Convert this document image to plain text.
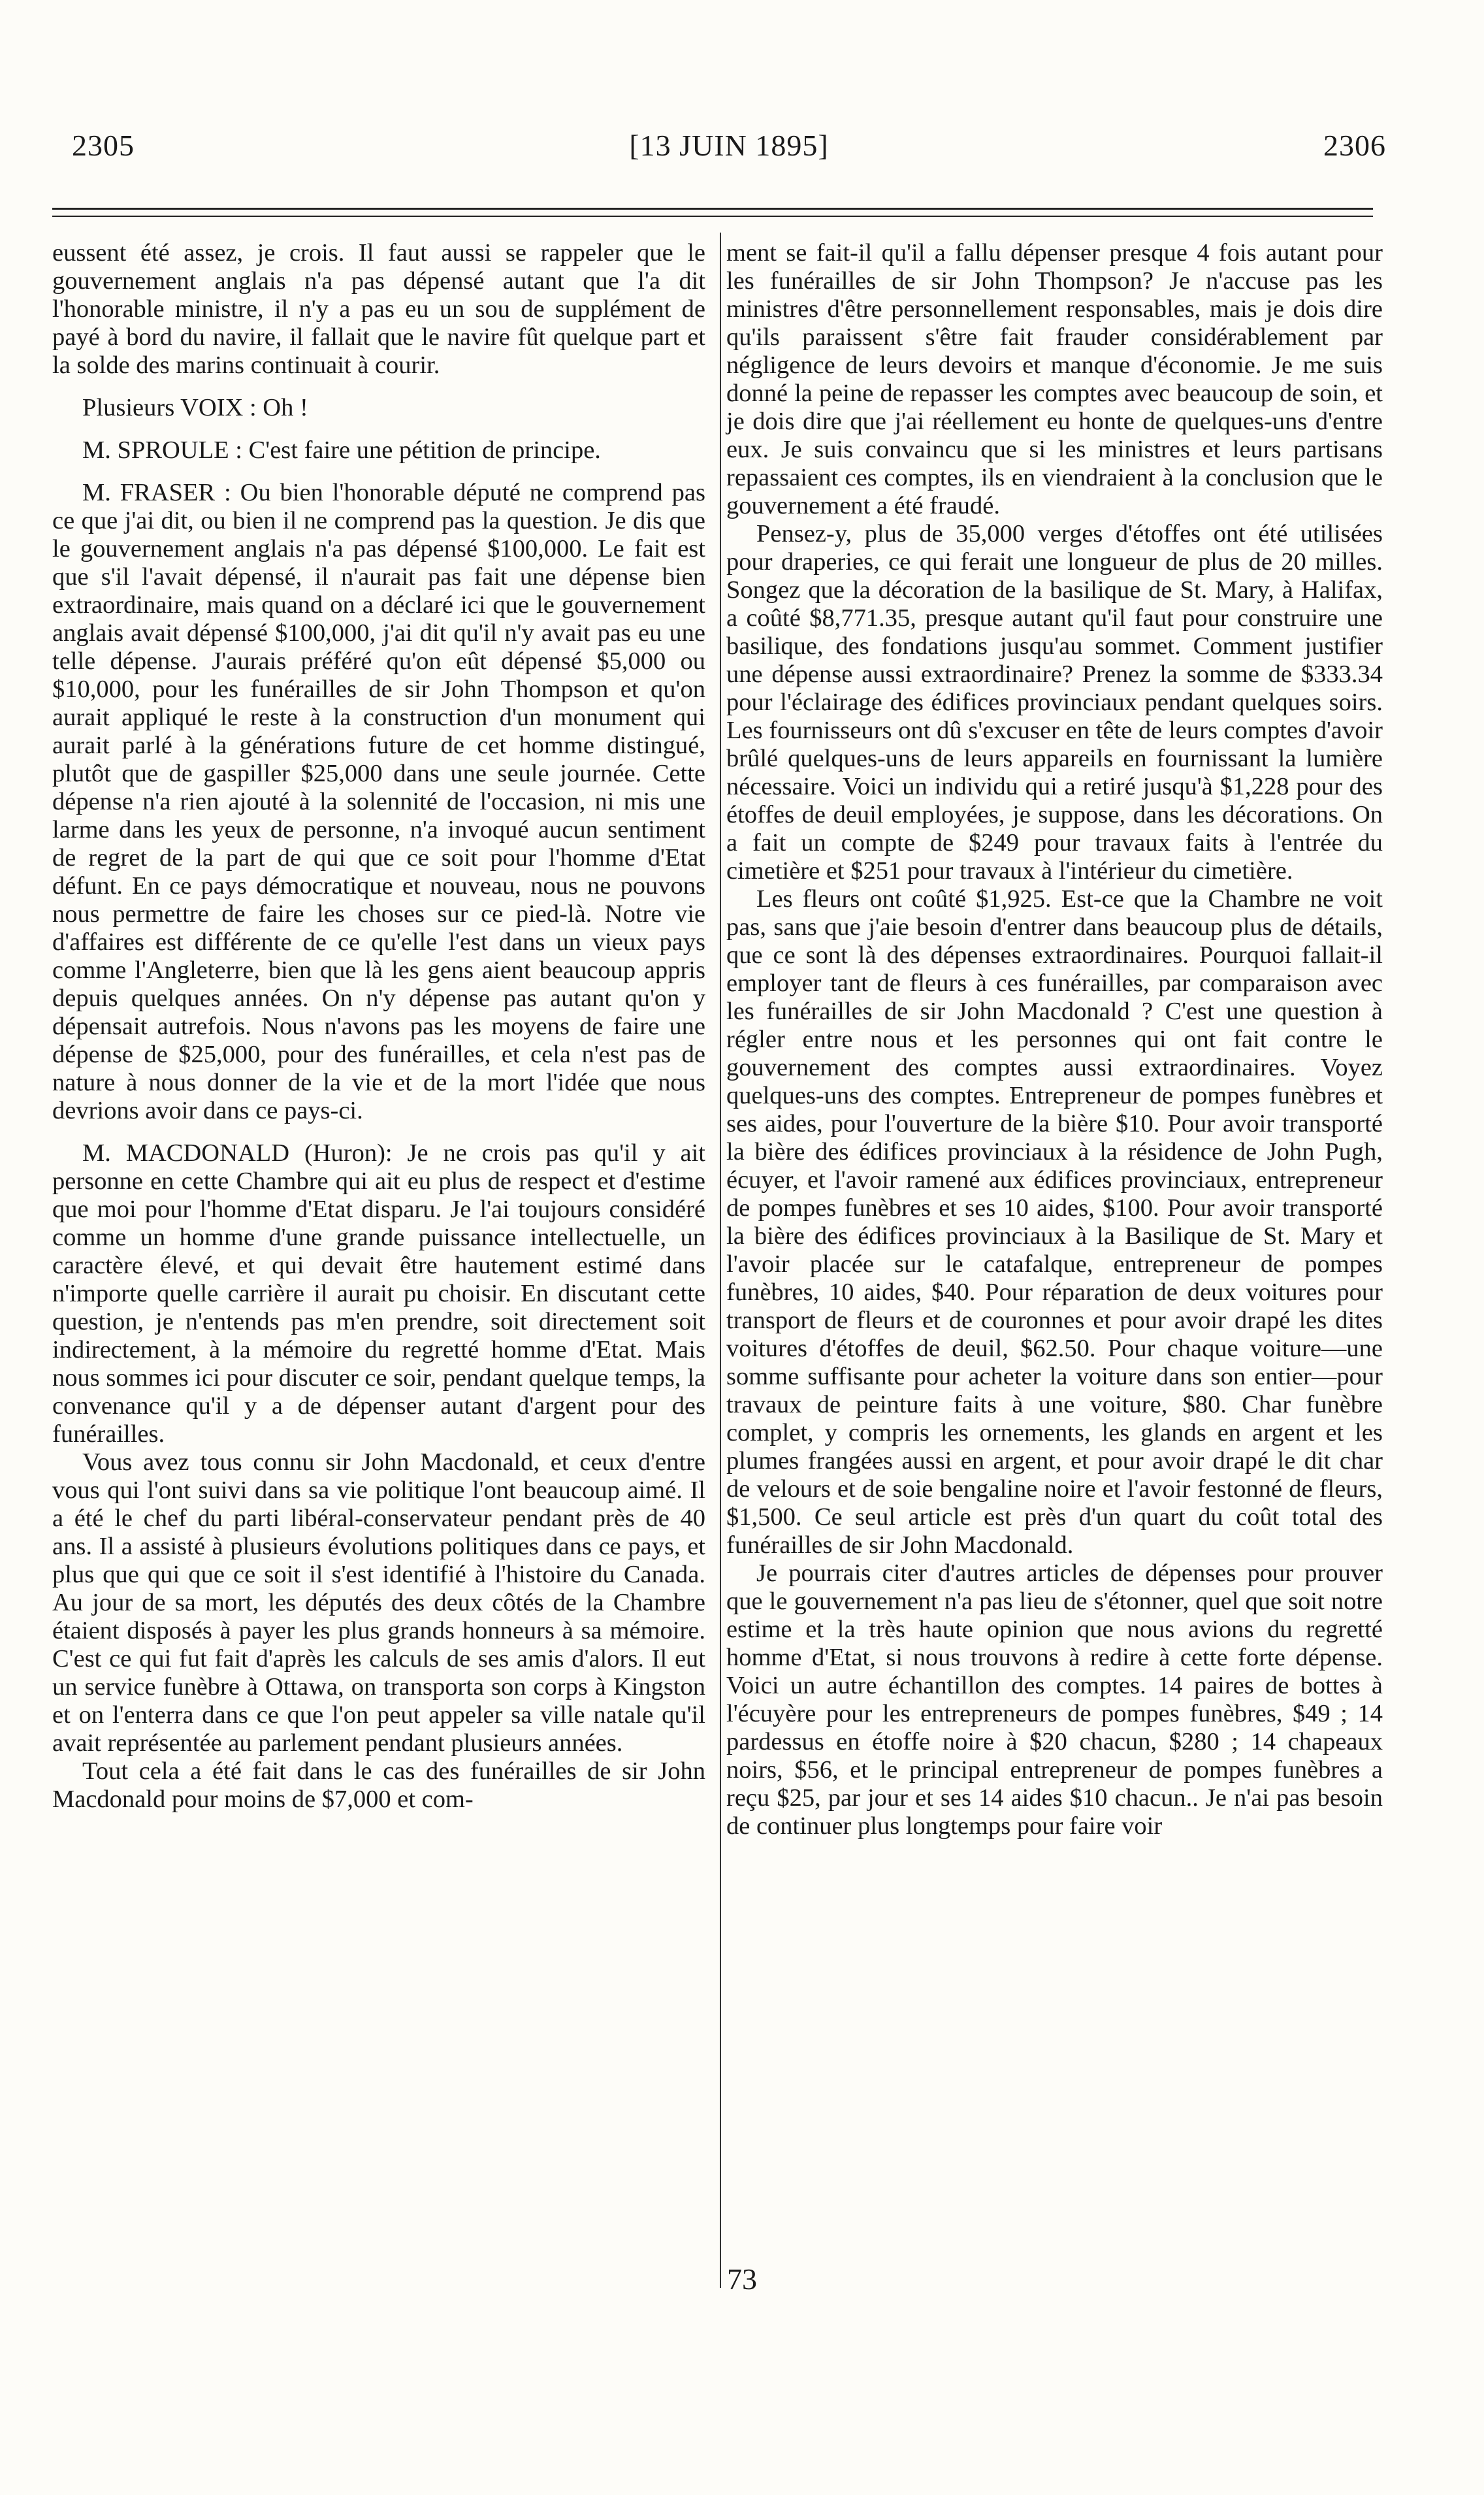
2305	[13 JUIN 1895]	2306

eussent été assez, je crois. Il faut aussi se rappeler que le gouvernement anglais n'a pas dépensé autant que l'a dit l'honorable ministre, il n'y a pas eu un sou de supplément de payé à bord du navire, il fallait que le navire fût quelque part et la solde des marins continuait à courir.

Plusieurs VOIX : Oh !

M. SPROULE : C'est faire une pétition de principe.

M. FRASER : Ou bien l'honorable député ne comprend pas ce que j'ai dit, ou bien il ne comprend pas la question. Je dis que le gouvernement anglais n'a pas dépensé $100,000. Le fait est que s'il l'avait dépensé, il n'aurait pas fait une dépense bien extraordinaire, mais quand on a déclaré ici que le gouvernement anglais avait dépensé $100,000, j'ai dit qu'il n'y avait pas eu une telle dépense. J'aurais préféré qu'on eût dépensé $5,000 ou $10,000, pour les funérailles de sir John Thompson et qu'on aurait appliqué le reste à la construction d'un monument qui aurait parlé à la générations future de cet homme distingué, plutôt que de gaspiller $25,000 dans une seule journée. Cette dépense n'a rien ajouté à la solennité de l'occasion, ni mis une larme dans les yeux de personne, n'a invoqué aucun sentiment de regret de la part de qui que ce soit pour l'homme d'Etat défunt. En ce pays démocratique et nouveau, nous ne pouvons nous permettre de faire les choses sur ce pied-là. Notre vie d'affaires est différente de ce qu'elle l'est dans un vieux pays comme l'Angleterre, bien que là les gens aient beaucoup appris depuis quelques années. On n'y dépense pas autant qu'on y dépensait autrefois. Nous n'avons pas les moyens de faire une dépense de $25,000, pour des funérailles, et cela n'est pas de nature à nous donner de la vie et de la mort l'idée que nous devrions avoir dans ce pays-ci.

M. MACDONALD (Huron): Je ne crois pas qu'il y ait personne en cette Chambre qui ait eu plus de respect et d'estime que moi pour l'homme d'Etat disparu. Je l'ai toujours considéré comme un homme d'une grande puissance intellectuelle, un caractère élevé, et qui devait être hautement estimé dans n'importe quelle carrière il aurait pu choisir. En discutant cette question, je n'entends pas m'en prendre, soit directement soit indirectement, à la mémoire du regretté homme d'Etat. Mais nous sommes ici pour discuter ce soir, pendant quelque temps, la convenance qu'il y a de dépenser autant d'argent pour des funérailles.

Vous avez tous connu sir John Macdonald, et ceux d'entre vous qui l'ont suivi dans sa vie politique l'ont beaucoup aimé. Il a été le chef du parti libéral-conservateur pendant près de 40 ans. Il a assisté à plusieurs évolutions politiques dans ce pays, et plus que qui que ce soit il s'est identifié à l'histoire du Canada. Au jour de sa mort, les députés des deux côtés de la Chambre étaient disposés à payer les plus grands honneurs à sa mémoire. C'est ce qui fut fait d'après les calculs de ses amis d'alors. Il eut un service funèbre à Ottawa, on transporta son corps à Kingston et on l'enterra dans ce que l'on peut appeler sa ville natale qu'il avait représentée au parlement pendant plusieurs années.

Tout cela a été fait dans le cas des funérailles de sir John Macdonald pour moins de $7,000 et com-

ment se fait-il qu'il a fallu dépenser presque 4 fois autant pour les funérailles de sir John Thompson? Je n'accuse pas les ministres d'être personnellement responsables, mais je dois dire qu'ils paraissent s'être fait frauder considérablement par négligence de leurs devoirs et manque d'économie. Je me suis donné la peine de repasser les comptes avec beaucoup de soin, et je dois dire que j'ai réellement eu honte de quelques-uns d'entre eux. Je suis convaincu que si les ministres et leurs partisans repassaient ces comptes, ils en viendraient à la conclusion que le gouvernement a été fraudé.

Pensez-y, plus de 35,000 verges d'étoffes ont été utilisées pour draperies, ce qui ferait une longueur de plus de 20 milles. Songez que la décoration de la basilique de St. Mary, à Halifax, a coûté $8,771.35, presque autant qu'il faut pour construire une basilique, des fondations jusqu'au sommet. Comment justifier une dépense aussi extraordinaire? Prenez la somme de $333.34 pour l'éclairage des édifices provinciaux pendant quelques soirs. Les fournisseurs ont dû s'excuser en tête de leurs comptes d'avoir brûlé quelques-uns de leurs appareils en fournissant la lumière nécessaire. Voici un individu qui a retiré jusqu'à $1,228 pour des étoffes de deuil employées, je suppose, dans les décorations. On a fait un compte de $249 pour travaux faits à l'entrée du cimetière et $251 pour travaux à l'intérieur du cimetière.

Les fleurs ont coûté $1,925. Est-ce que la Chambre ne voit pas, sans que j'aie besoin d'entrer dans beaucoup plus de détails, que ce sont là des dépenses extraordinaires. Pourquoi fallait-il employer tant de fleurs à ces funérailles, par comparaison avec les funérailles de sir John Macdonald ? C'est une question à régler entre nous et les personnes qui ont fait contre le gouvernement des comptes aussi extraordinaires. Voyez quelques-uns des comptes. Entrepreneur de pompes funèbres et ses aides, pour l'ouverture de la bière $10. Pour avoir transporté la bière des édifices provinciaux à la résidence de John Pugh, écuyer, et l'avoir ramené aux édifices provinciaux, entrepreneur de pompes funèbres et ses 10 aides, $100. Pour avoir transporté la bière des édifices provinciaux à la Basilique de St. Mary et l'avoir placée sur le catafalque, entrepreneur de pompes funèbres, 10 aides, $40. Pour réparation de deux voitures pour transport de fleurs et de couronnes et pour avoir drapé les dites voitures d'étoffes de deuil, $62.50. Pour chaque voiture—une somme suffisante pour acheter la voiture dans son entier—pour travaux de peinture faits à une voiture, $80. Char funèbre complet, y compris les ornements, les glands en argent et les plumes frangées aussi en argent, et pour avoir drapé le dit char de velours et de soie bengaline noire et l'avoir festonné de fleurs, $1,500. Ce seul article est près d'un quart du coût total des funérailles de sir John Macdonald.

Je pourrais citer d'autres articles de dépenses pour prouver que le gouvernement n'a pas lieu de s'étonner, quel que soit notre estime et la très haute opinion que nous avions du regretté homme d'Etat, si nous trouvons à redire à cette forte dépense. Voici un autre échantillon des comptes. 14 paires de bottes à l'écuyère pour les entrepreneurs de pompes funèbres, $49 ; 14 pardessus en étoffe noire à $20 chacun, $280 ; 14 chapeaux noirs, $56, et le principal entrepreneur de pompes funèbres a reçu $25, par jour et ses 14 aides $10 chacun.. Je n'ai pas besoin de continuer plus longtemps pour faire voir

73
